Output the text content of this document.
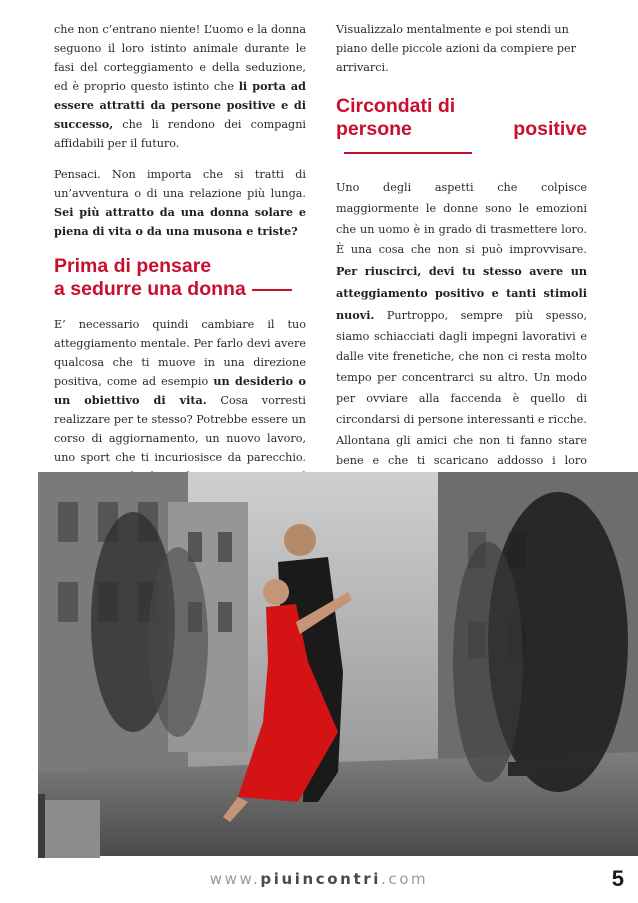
che non c’entrano niente! L’uomo e la donna seguono il loro istinto animale durante le fasi del corteggiamento e della seduzione, ed è proprio questo istinto che li porta ad essere attratti da persone positive e di successo, che li rendono dei compagni affidabili per il futuro.

Pensaci. Non importa che si tratti di un’avventura o di una relazione più lunga. Sei più attratto da una donna solare e piena di vita o da una musona e triste?

Prima di pensare
a sedurre una donna

E’ necessario quindi cambiare il tuo atteggiamento mentale. Per farlo devi avere qualcosa che ti muove in una direzione positiva, come ad esempio un desiderio o un obiettivo di vita. Cosa vorresti realizzare per te stesso? Potrebbe essere un corso di aggiornamento, un nuovo lavoro, uno sport che ti incuriosisce da parecchio.

Visualizzalo mentalmente e poi stendi un piano delle piccole azioni da compiere per arrivarci.

Circondati di
persone positive

Uno degli aspetti che colpisce maggiormente le donne sono le emozioni che un uomo è in grado di trasmettere loro. È una cosa che non si può improvvisare. Per riuscirci, devi tu stesso avere un atteggiamento positivo e tanti stimoli nuovi. Purtroppo, sempre più spesso, siamo schiacciati dagli impegni lavorativi e dalle vite frenetiche, che non ci resta molto tempo per concentrarci su altro. Un modo per ovviare alla faccenda è quello di circondarsi di persone interessanti e ricche. Allontana gli amici che non ti fanno stare bene e che ti scaricano addosso i loro

www.piuincontri.com	5
